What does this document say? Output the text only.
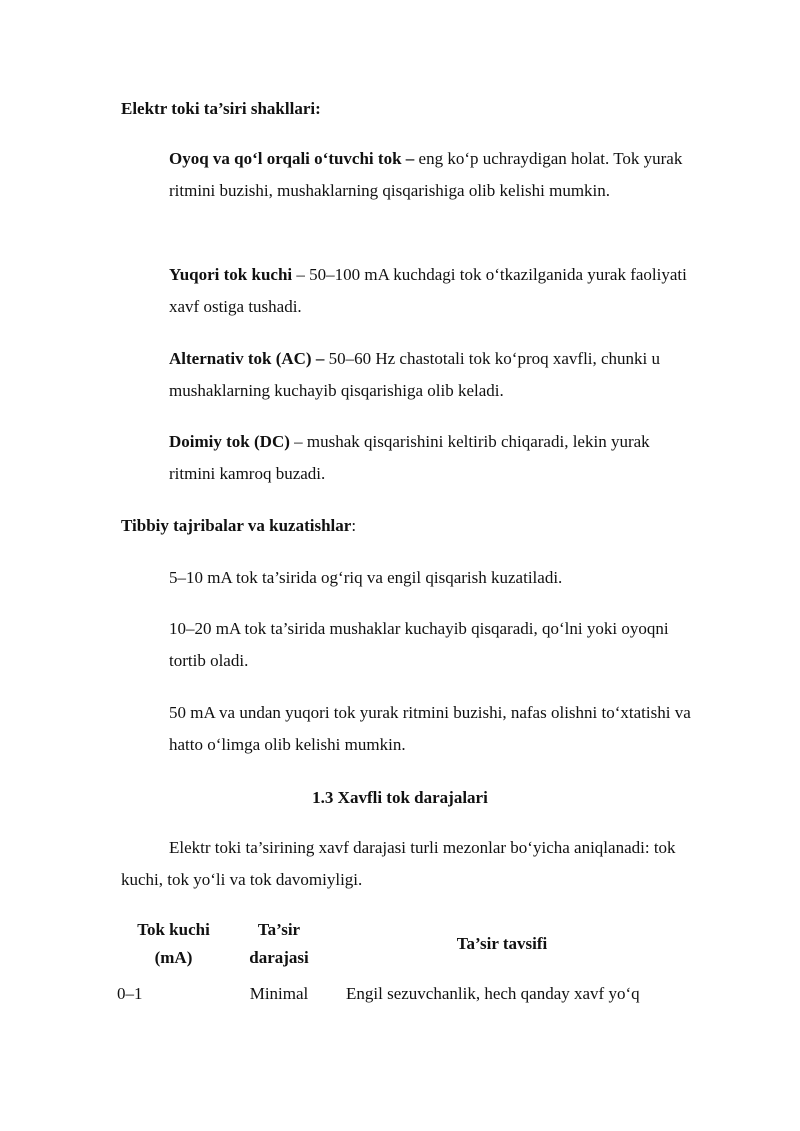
Elektr toki ta’siri shakllari:
Oyoq va qo‘l orqali o‘tuvchi tok – eng ko‘p uchraydigan holat. Tok yurak ritmini buzishi, mushaklarning qisqarishiga olib kelishi mumkin.
Yuqori tok kuchi – 50–100 mA kuchdagi tok o‘tkazilganida yurak faoliyati xavf ostiga tushadi.
Alternativ tok (AC) – 50–60 Hz chastotali tok ko‘proq xavfli, chunki u mushaklarning kuchayib qisqarishiga olib keladi.
Doimiy tok (DC) – mushak qisqarishini keltirib chiqaradi, lekin yurak ritmini kamroq buzadi.
Tibbiy tajribalar va kuzatishlar:
5–10 mA tok ta’sirida og‘riq va engil qisqarish kuzatiladi.
10–20 mA tok ta’sirida mushaklar kuchayib qisqaradi, qo‘lni yoki oyoqni tortib oladi.
50 mA va undan yuqori tok yurak ritmini buzishi, nafas olishni to‘xtatishi va hatto o‘limga olib kelishi mumkin.
1.3 Xavfli tok darajalari
Elektr toki ta’sirining xavf darajasi turli mezonlar bo‘yicha aniqlanadi: tok kuchi, tok yo‘li va tok davomiyligi.
Tok kuchi (mA)	Ta’sir darajasi	Ta’sir tavsifi
0–1	Minimal	Engil sezuvchanlik, hech qanday xavf yo‘q
